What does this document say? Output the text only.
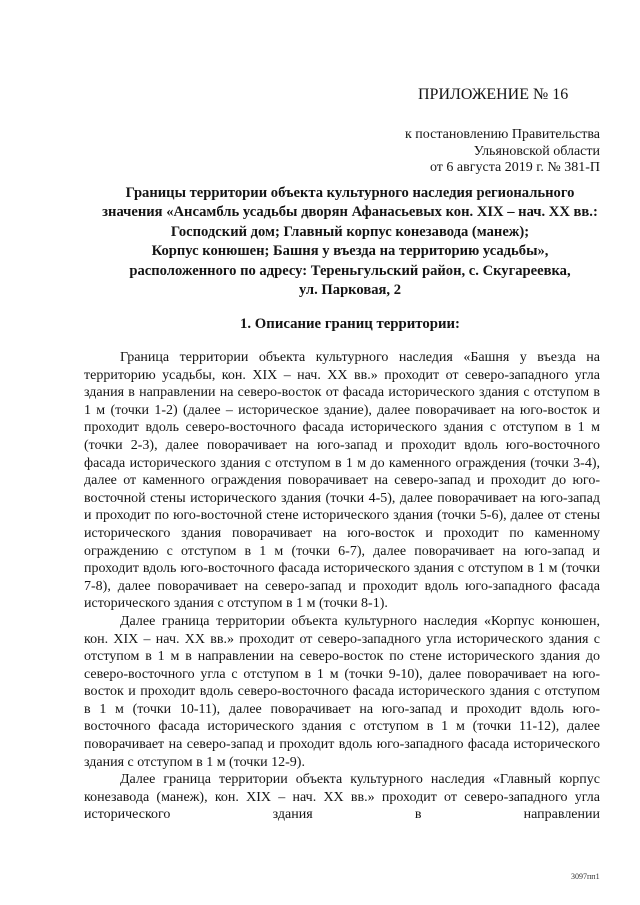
ПРИЛОЖЕНИЕ № 16
к постановлению Правительства
Ульяновской области
от 6 августа 2019 г. № 381-П
Границы территории объекта культурного наследия регионального
значения «Ансамбль усадьбы дворян Афанасьевых кон. XIX – нач. XX вв.:
Господский дом; Главный корпус конезавода (манеж);
Корпус конюшен; Башня у въезда на территорию усадьбы»,
расположенного по адресу: Тереньгульский район, с. Скугареевка,
ул. Парковая, 2
1. Описание границ территории:

Граница территории объекта культурного наследия «Башня у въезда на территорию усадьбы, кон. XIX – нач. XX вв.» проходит от северо-западного угла здания в направлении на северо-восток от фасада исторического здания с отступом в 1 м (точки 1-2) (далее – историческое здание), далее поворачивает на юго-восток и проходит вдоль северо-восточного фасада исторического здания с отступом в 1 м (точки 2-3), далее поворачивает на юго-запад и проходит вдоль юго-восточного фасада исторического здания с отступом в 1 м до каменного ограждения (точки 3-4), далее от каменного ограждения поворачивает на северо-запад и проходит до юго-восточной стены исторического здания (точки 4-5), далее поворачивает на юго-запад и проходит по юго-восточной стене исторического здания (точки 5-6), далее от стены исторического здания поворачивает на юго-восток и проходит по каменному ограждению с отступом в 1 м (точки 6-7), далее поворачивает на юго-запад и проходит вдоль юго-восточного фасада исторического здания с отступом в 1 м (точки 7-8), далее поворачивает на северо-запад и проходит вдоль юго-западного фасада исторического здания с отступом в 1 м (точки 8-1).

Далее граница территории объекта культурного наследия «Корпус конюшен, кон. XIX – нач. XX вв.» проходит от северо-западного угла исторического здания с отступом в 1 м в направлении на северо-восток по стене исторического здания до северо-восточного угла с отступом в 1 м (точки 9-10), далее поворачивает на юго-восток и проходит вдоль северо-восточного фасада исторического здания с отступом в 1 м (точки 10-11), далее поворачивает на юго-запад и проходит вдоль юго-восточного фасада исторического здания с отступом в 1 м (точки 11-12), далее поворачивает на северо-запад и проходит вдоль юго-западного фасада исторического здания с отступом в 1 м (точки 12-9).

Далее граница территории объекта культурного наследия «Главный корпус конезавода (манеж), кон. XIX – нач. XX вв.» проходит от северо-западного угла исторического здания в направлении

3097пп1
